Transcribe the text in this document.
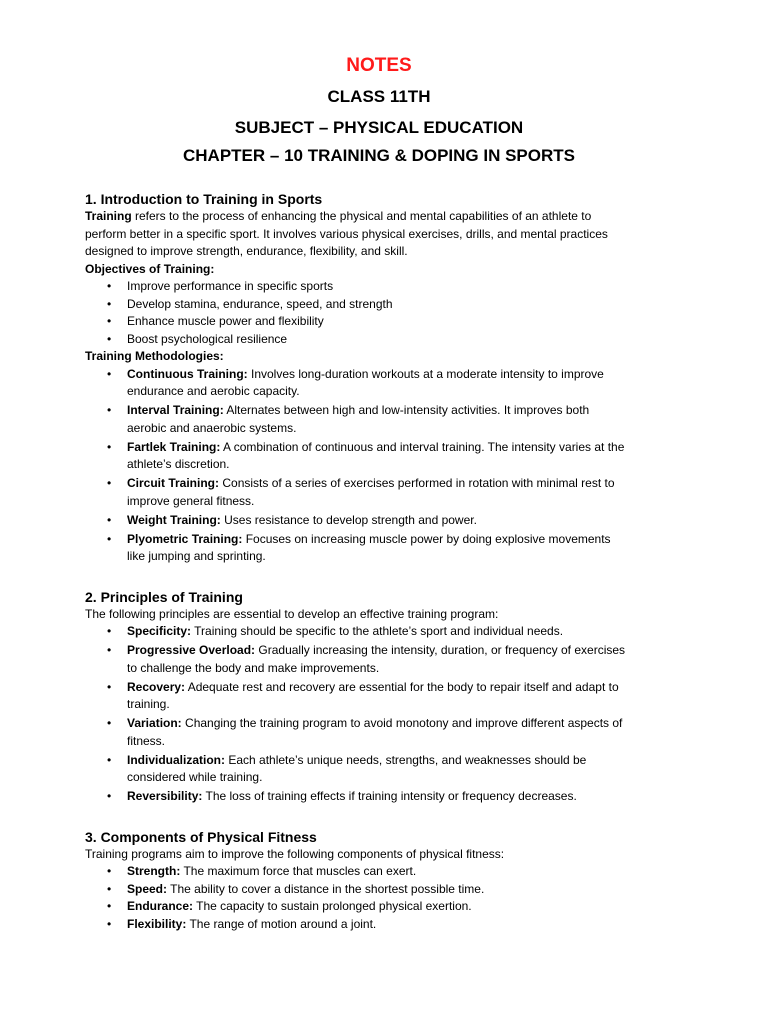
NOTES
CLASS 11TH
SUBJECT – PHYSICAL EDUCATION
CHAPTER – 10 TRAINING & DOPING IN SPORTS
1. Introduction to Training in Sports

Training refers to the process of enhancing the physical and mental capabilities of an athlete to perform better in a specific sport. It involves various physical exercises, drills, and mental practices designed to improve strength, endurance, flexibility, and skill.

Objectives of Training:
• Improve performance in specific sports
• Develop stamina, endurance, speed, and strength
• Enhance muscle power and flexibility
• Boost psychological resilience
Training Methodologies:
• Continuous Training: Involves long-duration workouts at a moderate intensity to improve endurance and aerobic capacity.
• Interval Training: Alternates between high and low-intensity activities. It improves both aerobic and anaerobic systems.
• Fartlek Training: A combination of continuous and interval training. The intensity varies at the athlete’s discretion.
• Circuit Training: Consists of a series of exercises performed in rotation with minimal rest to improve general fitness.
• Weight Training: Uses resistance to develop strength and power.
• Plyometric Training: Focuses on increasing muscle power by doing explosive movements like jumping and sprinting.
2. Principles of Training

The following principles are essential to develop an effective training program:

• Specificity: Training should be specific to the athlete’s sport and individual needs.
• Progressive Overload: Gradually increasing the intensity, duration, or frequency of exercises to challenge the body and make improvements.
• Recovery: Adequate rest and recovery are essential for the body to repair itself and adapt to training.
• Variation: Changing the training program to avoid monotony and improve different aspects of fitness.
• Individualization: Each athlete’s unique needs, strengths, and weaknesses should be considered while training.
• Reversibility: The loss of training effects if training intensity or frequency decreases.
3. Components of Physical Fitness

Training programs aim to improve the following components of physical fitness:

• Strength: The maximum force that muscles can exert.
• Speed: The ability to cover a distance in the shortest possible time.
• Endurance: The capacity to sustain prolonged physical exertion.
• Flexibility: The range of motion around a joint.
